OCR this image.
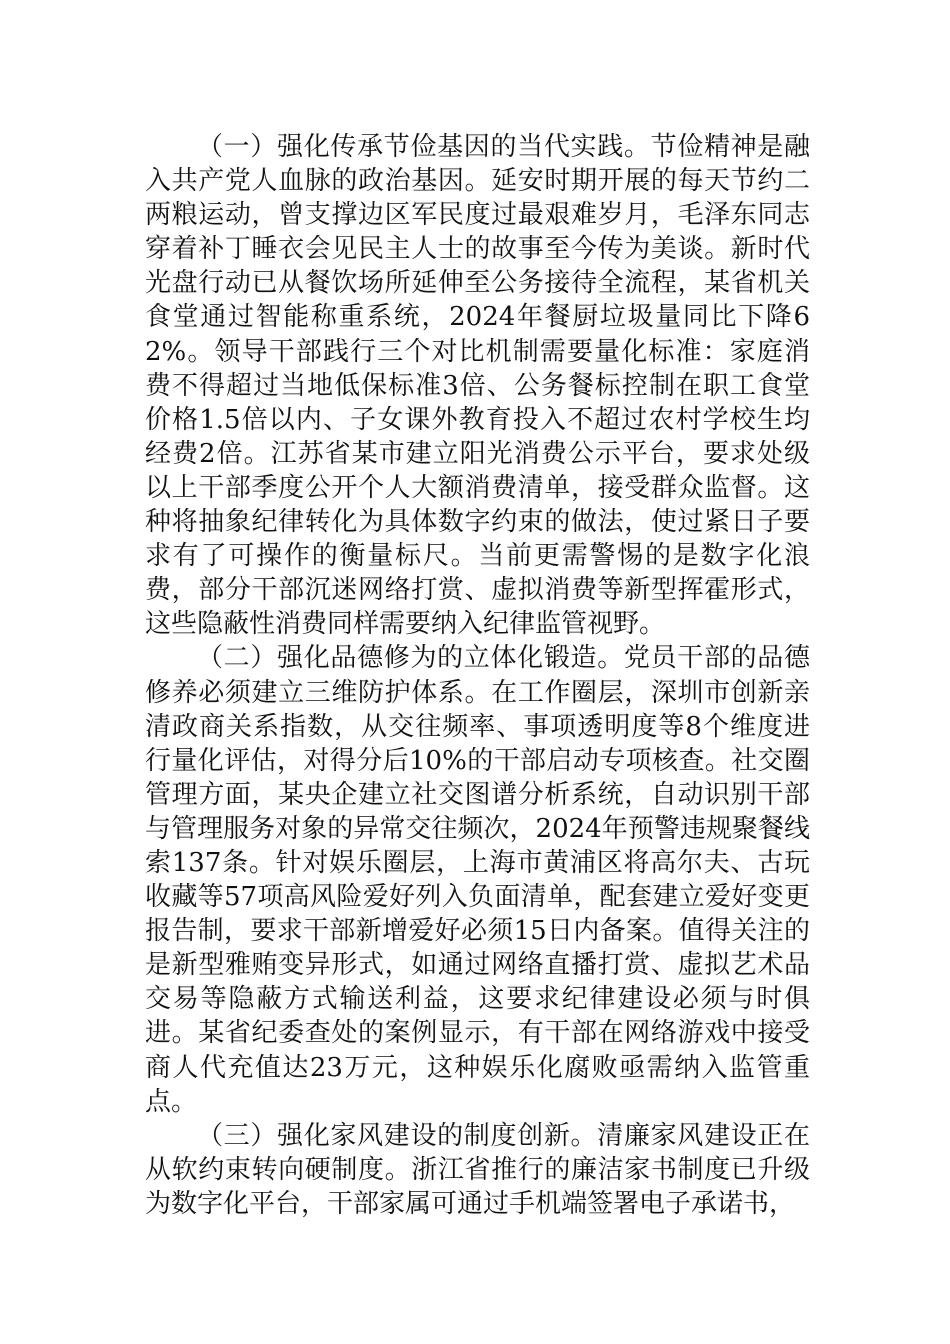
（一）强化传承节俭基因的当代实践。节俭精神是融入共产党人血脉的政治基因。延安时期开展的每天节约二两粮运动，曾支撑边区军民度过最艰难岁月，毛泽东同志穿着补丁睡衣会见民主人士的故事至今传为美谈。新时代光盘行动已从餐饮场所延伸至公务接待全流程，某省机关食堂通过智能称重系统，2024年餐厨垃圾量同比下降62%。领导干部践行三个对比机制需要量化标准：家庭消费不得超过当地低保标准3倍、公务餐标控制在职工食堂价格1.5倍以内、子女课外教育投入不超过农村学校生均经费2倍。江苏省某市建立阳光消费公示平台，要求处级以上干部季度公开个人大额消费清单，接受群众监督。这种将抽象纪律转化为具体数字约束的做法，使过紧日子要求有了可操作的衡量标尺。当前更需警惕的是数字化浪费，部分干部沉迷网络打赏、虚拟消费等新型挥霍形式，这些隐蔽性消费同样需要纳入纪律监管视野。

（二）强化品德修为的立体化锻造。党员干部的品德修养必须建立三维防护体系。在工作圈层，深圳市创新亲清政商关系指数，从交往频率、事项透明度等8个维度进行量化评估，对得分后10%的干部启动专项核查。社交圈管理方面，某央企建立社交图谱分析系统，自动识别干部与管理服务对象的异常交往频次，2024年预警违规聚餐线索137条。针对娱乐圈层，上海市黄浦区将高尔夫、古玩收藏等57项高风险爱好列入负面清单，配套建立爱好变更报告制，要求干部新增爱好必须15日内备案。值得关注的是新型雅贿变异形式，如通过网络直播打赏、虚拟艺术品交易等隐蔽方式输送利益，这要求纪律建设必须与时俱进。某省纪委查处的案例显示，有干部在网络游戏中接受商人代充值达23万元，这种娱乐化腐败亟需纳入监管重点。

（三）强化家风建设的制度创新。清廉家风建设正在从软约束转向硬制度。浙江省推行的廉洁家书制度已升级为数字化平台，干部家属可通过手机端签署电子承诺书，
